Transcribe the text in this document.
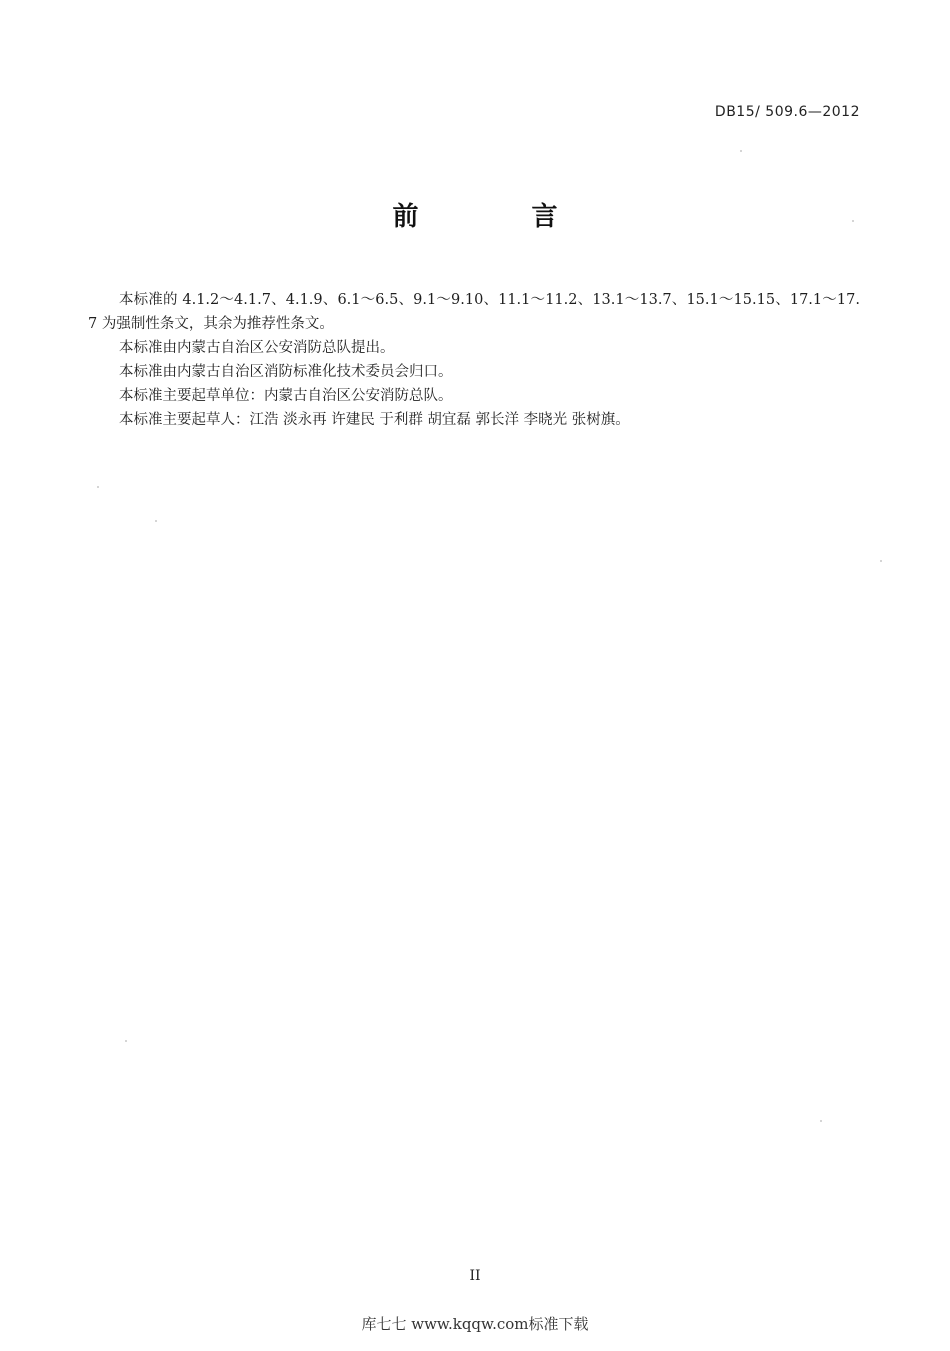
DB15/ 509.6—2012
前 言

本标准的 4.1.2～4.1.7、4.1.9、6.1～6.5、9.1～9.10、11.1～11.2、13.1～13.7、15.1～15.15、17.1～17.7 为强制性条文，其余为推荐性条文。

本标准由内蒙古自治区公安消防总队提出。

本标准由内蒙古自治区消防标准化技术委员会归口。

本标准主要起草单位：内蒙古自治区公安消防总队。

本标准主要起草人：江浩 淡永再 许建民 于利群 胡宜磊 郭长洋 李晓光 张树旗。

II
库七七 www.kqqw.com标准下载
